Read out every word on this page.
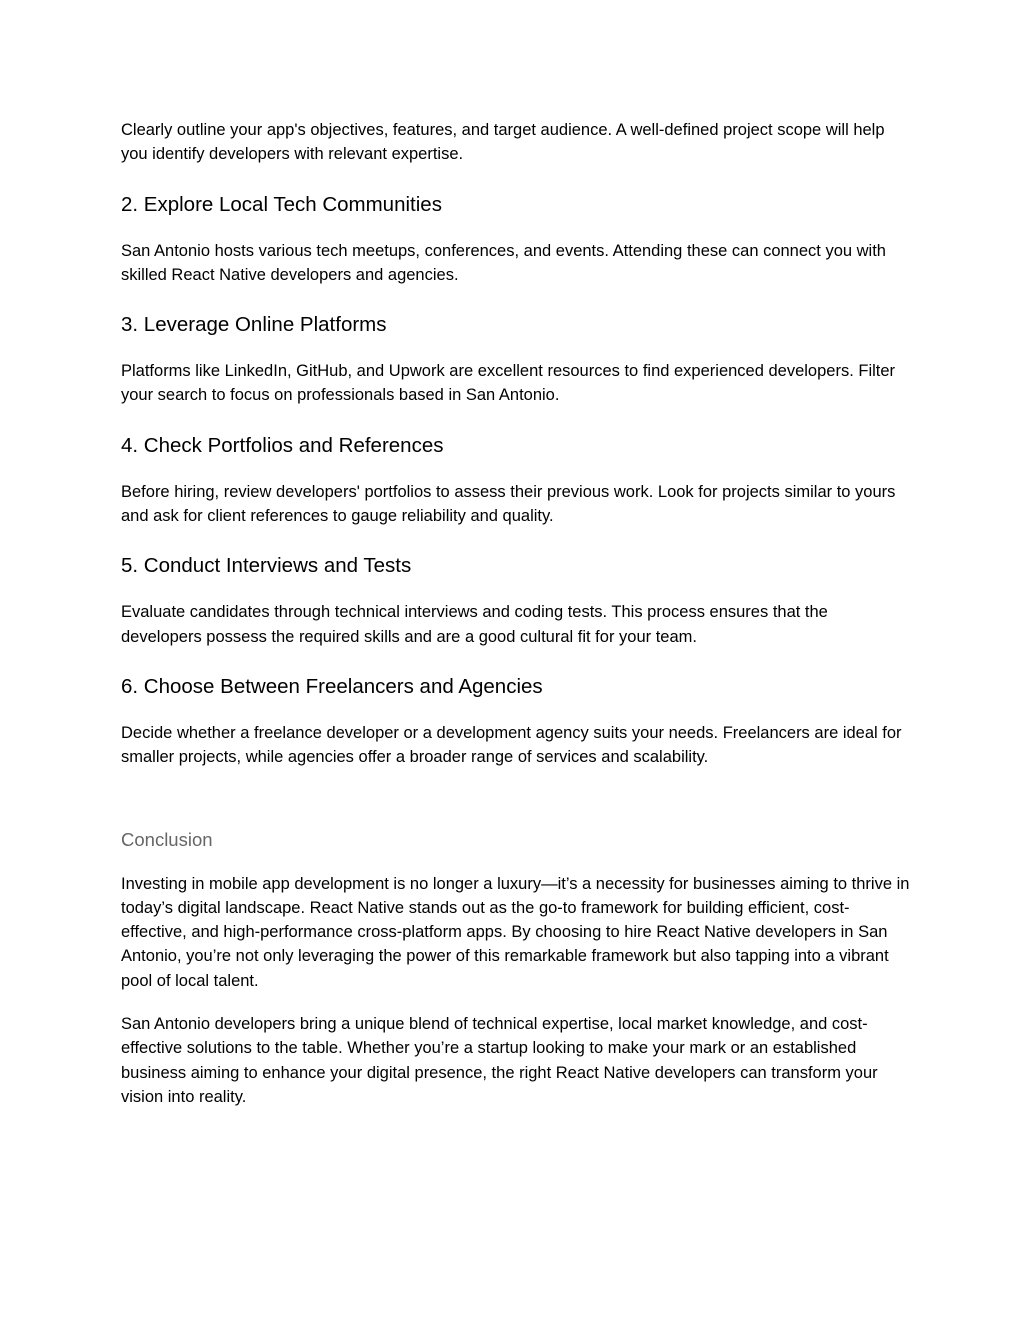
Clearly outline your app's objectives, features, and target audience. A well-defined project scope will help you identify developers with relevant expertise.

2. Explore Local Tech Communities

San Antonio hosts various tech meetups, conferences, and events. Attending these can connect you with skilled React Native developers and agencies.

3. Leverage Online Platforms

Platforms like LinkedIn, GitHub, and Upwork are excellent resources to find experienced developers. Filter your search to focus on professionals based in San Antonio.

4. Check Portfolios and References

Before hiring, review developers' portfolios to assess their previous work. Look for projects similar to yours and ask for client references to gauge reliability and quality.

5. Conduct Interviews and Tests

Evaluate candidates through technical interviews and coding tests. This process ensures that the developers possess the required skills and are a good cultural fit for your team.

6. Choose Between Freelancers and Agencies

Decide whether a freelance developer or a development agency suits your needs. Freelancers are ideal for smaller projects, while agencies offer a broader range of services and scalability.

Conclusion

Investing in mobile app development is no longer a luxury—it’s a necessity for businesses aiming to thrive in today’s digital landscape. React Native stands out as the go-to framework for building efficient, cost-effective, and high-performance cross-platform apps. By choosing to hire React Native developers in San Antonio, you’re not only leveraging the power of this remarkable framework but also tapping into a vibrant pool of local talent.

San Antonio developers bring a unique blend of technical expertise, local market knowledge, and cost-effective solutions to the table. Whether you’re a startup looking to make your mark or an established business aiming to enhance your digital presence, the right React Native developers can transform your vision into reality.
